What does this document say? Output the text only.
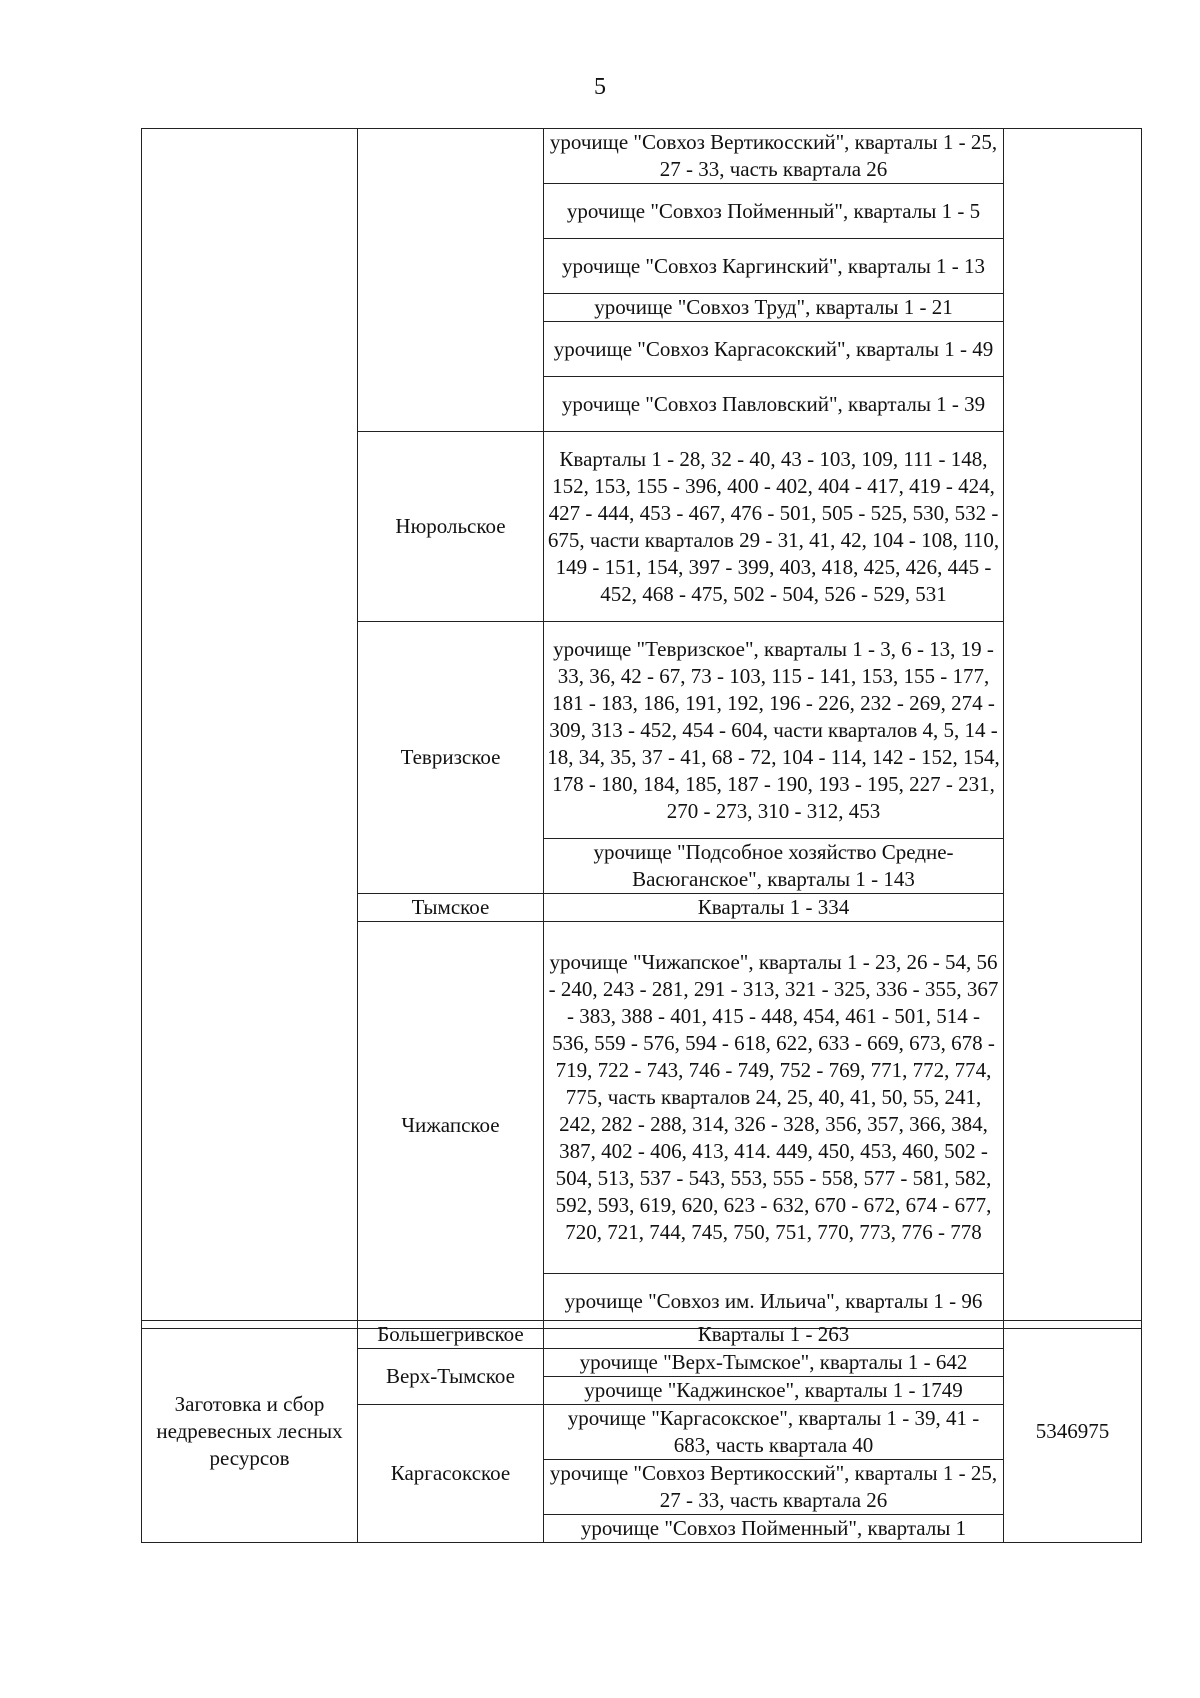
5
		урочище "Совхоз Вертикосский", кварталы 1 - 25, 27 - 33, часть квартала 26	
		урочище "Совхоз Пойменный", кварталы 1 - 5	
		урочище "Совхоз Каргинский", кварталы 1 - 13	
		урочище "Совхоз Труд", кварталы 1 - 21	
		урочище "Совхоз Каргасокский", кварталы 1 - 49	
		урочище "Совхоз Павловский", кварталы 1 - 39	
	Нюрольское	Кварталы 1 - 28, 32 - 40, 43 - 103, 109, 111 - 148, 152, 153, 155 - 396, 400 - 402, 404 - 417, 419 - 424, 427 - 444, 453 - 467, 476 - 501, 505 - 525, 530, 532 - 675, части кварталов 29 - 31, 41, 42, 104 - 108, 110, 149 - 151, 154, 397 - 399, 403, 418, 425, 426, 445 - 452, 468 - 475, 502 - 504, 526 - 529, 531	
	Тевризское	урочище "Тевризское", кварталы 1 - 3, 6 - 13, 19 - 33, 36, 42 - 67, 73 - 103, 115 - 141, 153, 155 - 177, 181 - 183, 186, 191, 192, 196 - 226, 232 - 269, 274 - 309, 313 - 452, 454 - 604, части кварталов 4, 5, 14 - 18, 34, 35, 37 - 41, 68 - 72, 104 - 114, 142 - 152, 154, 178 - 180, 184, 185, 187 - 190, 193 - 195, 227 - 231, 270 - 273, 310 - 312, 453	
		урочище "Подсобное хозяйство Средне-Васюганское", кварталы 1 - 143	
	Тымское	Кварталы 1 - 334	
	Чижапское	урочище "Чижапское", кварталы 1 - 23, 26 - 54, 56 - 240, 243 - 281, 291 - 313, 321 - 325, 336 - 355, 367 - 383, 388 - 401, 415 - 448, 454, 461 - 501, 514 - 536, 559 - 576, 594 - 618, 622, 633 - 669, 673, 678 - 719, 722 - 743, 746 - 749, 752 - 769, 771, 772, 774, 775, часть кварталов 24, 25, 40, 41, 50, 55, 241, 242, 282 - 288, 314, 326 - 328, 356, 357, 366, 384, 387, 402 - 406, 413, 414. 449, 450, 453, 460, 502 - 504, 513, 537 - 543, 553, 555 - 558, 577 - 581, 582, 592, 593, 619, 620, 623 - 632, 670 - 672, 674 - 677, 720, 721, 744, 745, 750, 751, 770, 773, 776 - 778	
		урочище "Совхоз им. Ильича", кварталы 1 - 96	
Заготовка и сбор недревесных лесных ресурсов	Большегривское	Кварталы 1 - 263	5346975
	Верх-Тымское	урочище "Верх-Тымское", кварталы 1 - 642	
		урочище "Каджинское", кварталы 1 - 1749	
	Каргасокское	урочище "Каргасокское", кварталы 1 - 39, 41 - 683, часть квартала 40	
		урочище "Совхоз Вертикосский", кварталы 1 - 25, 27 - 33, часть квартала 26	
		урочище "Совхоз Пойменный", кварталы 1	
